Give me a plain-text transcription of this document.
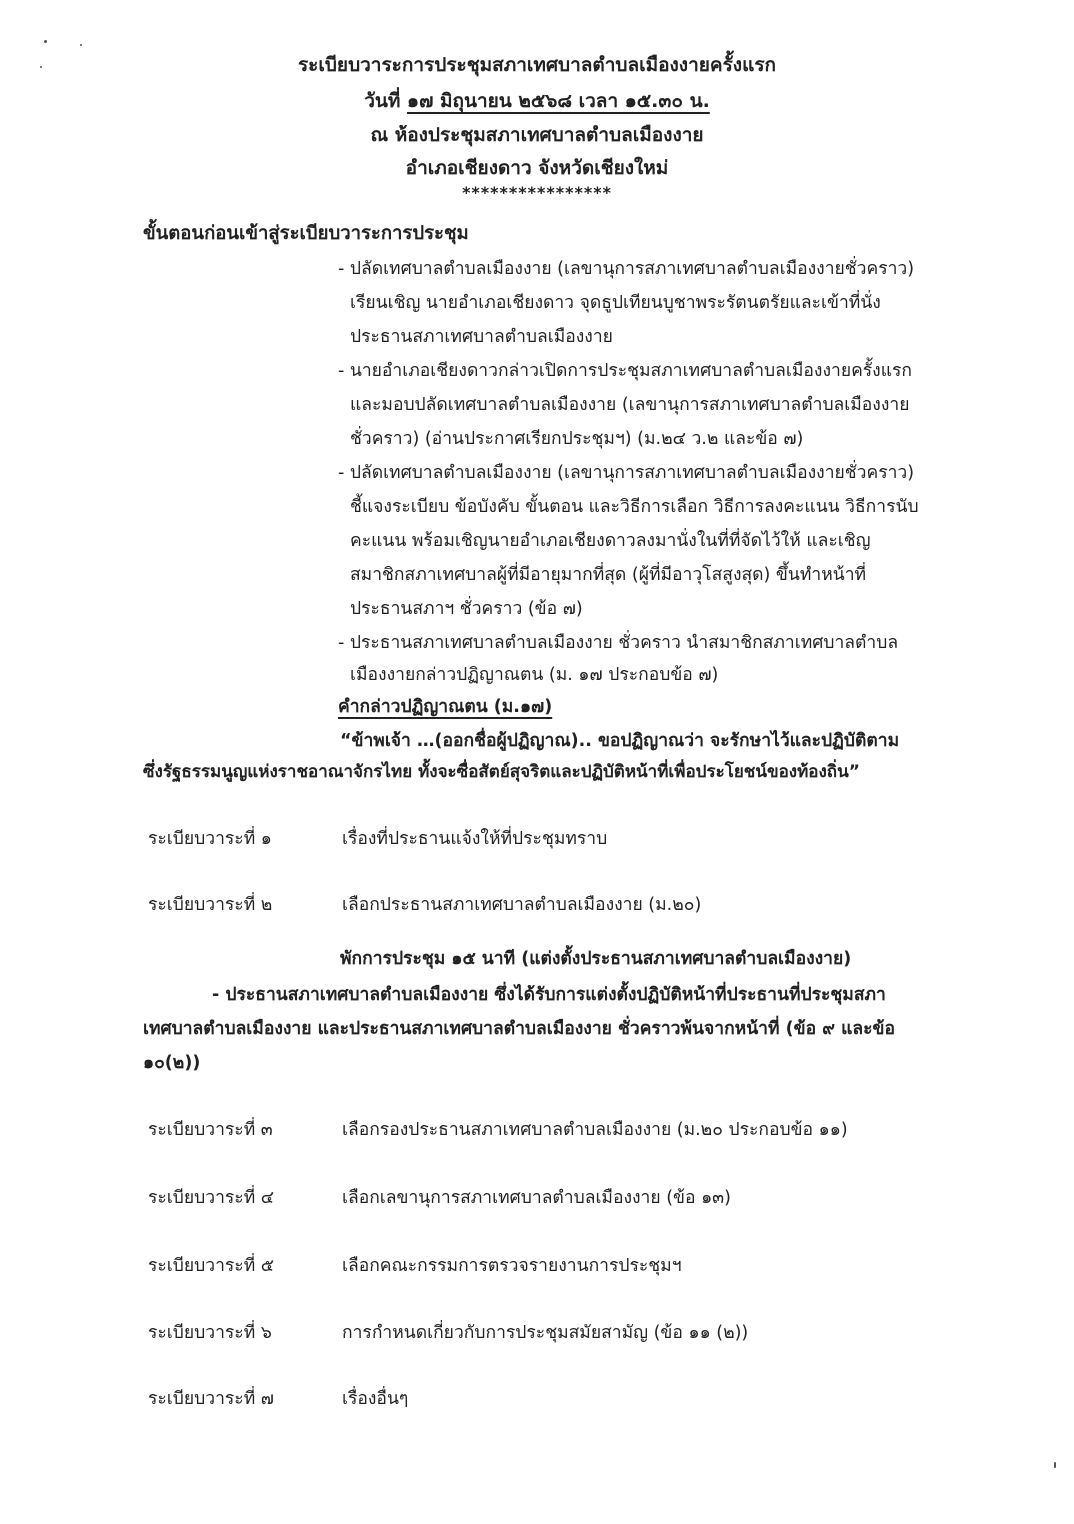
ระเบียบวาระการประชุมสภาเทศบาลตำบลเมืองงายครั้งแรก
วันที่ ๑๗ มิถุนายน ๒๕๖๘ เวลา ๑๕.๓๐ น.
ณ ห้องประชุมสภาเทศบาลตำบลเมืองงาย
อำเภอเชียงดาว จังหวัดเชียงใหม่
****************
ขั้นตอนก่อนเข้าสู่ระเบียบวาระการประชุม
- ปลัดเทศบาลตำบลเมืองงาย (เลขานุการสภาเทศบาลตำบลเมืองงายชั่วคราว)
เรียนเชิญ นายอำเภอเชียงดาว จุดธูปเทียนบูชาพระรัตนตรัยและเข้าที่นั่ง
ประธานสภาเทศบาลตำบลเมืองงาย
- นายอำเภอเชียงดาวกล่าวเปิดการประชุมสภาเทศบาลตำบลเมืองงายครั้งแรก
และมอบปลัดเทศบาลตำบลเมืองงาย (เลขานุการสภาเทศบาลตำบลเมืองงาย
ชั่วคราว) (อ่านประกาศเรียกประชุมฯ) (ม.๒๔ ว.๒ และข้อ ๗)
- ปลัดเทศบาลตำบลเมืองงาย (เลขานุการสภาเทศบาลตำบลเมืองงายชั่วคราว)
ชี้แจงระเบียบ ข้อบังคับ ขั้นตอน และวิธีการเลือก วิธีการลงคะแนน วิธีการนับ
คะแนน พร้อมเชิญนายอำเภอเชียงดาวลงมานั่งในที่ที่จัดไว้ให้ และเชิญ
สมาชิกสภาเทศบาลผู้ที่มีอายุมากที่สุด (ผู้ที่มีอาวุโสสูงสุด) ขึ้นทำหน้าที่
ประธานสภาฯ ชั่วคราว (ข้อ ๗)
- ประธานสภาเทศบาลตำบลเมืองงาย ชั่วคราว นำสมาชิกสภาเทศบาลตำบล
เมืองงายกล่าวปฏิญาณตน (ม. ๑๗ ประกอบข้อ ๗)
คำกล่าวปฏิญาณตน (ม.๑๗)
“ข้าพเจ้า …(ออกชื่อผู้ปฏิญาณ).. ขอปฏิญาณว่า จะรักษาไว้และปฏิบัติตาม
ซึ่งรัฐธรรมนูญแห่งราชอาณาจักรไทย ทั้งจะซื่อสัตย์สุจริตและปฏิบัติหน้าที่เพื่อประโยชน์ของท้องถิ่น”
ระเบียบวาระที่ ๑	เรื่องที่ประธานแจ้งให้ที่ประชุมทราบ
ระเบียบวาระที่ ๒	เลือกประธานสภาเทศบาลตำบลเมืองงาย (ม.๒๐)
พักการประชุม ๑๕ นาที (แต่งตั้งประธานสภาเทศบาลตำบลเมืองงาย)
- ประธานสภาเทศบาลตำบลเมืองงาย ซึ่งได้รับการแต่งตั้งปฏิบัติหน้าที่ประธานที่ประชุมสภา
เทศบาลตำบลเมืองงาย และประธานสภาเทศบาลตำบลเมืองงาย ชั่วคราวพ้นจากหน้าที่ (ข้อ ๙ และข้อ
๑๐(๒))
ระเบียบวาระที่ ๓	เลือกรองประธานสภาเทศบาลตำบลเมืองงาย (ม.๒๐ ประกอบข้อ ๑๑)
ระเบียบวาระที่ ๔	เลือกเลขานุการสภาเทศบาลตำบลเมืองงาย (ข้อ ๑๓)
ระเบียบวาระที่ ๕	เลือกคณะกรรมการตรวจรายงานการประชุมฯ
ระเบียบวาระที่ ๖	การกำหนดเกี่ยวกับการประชุมสมัยสามัญ (ข้อ ๑๑ (๒))
ระเบียบวาระที่ ๗	เรื่องอื่นๆ
